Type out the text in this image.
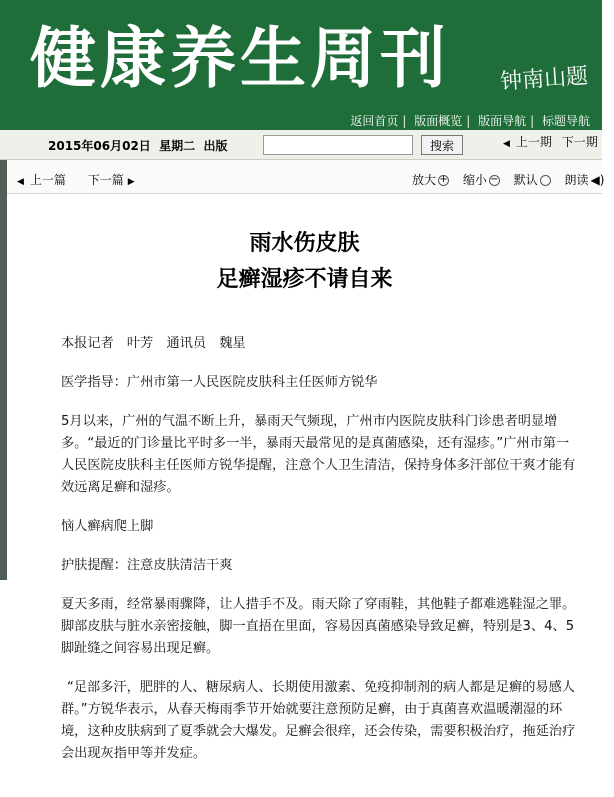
健康养生周刊 钟南山题
返回首页 | 版面概览 | 版面导航 | 标题导航
2015年06月02日 星期二 出版	搜索	◀ 上一期 下一期
◀ 上一篇 下一篇 ▶	放大 + 缩小 − 默认 朗读 ◀)
雨水伤皮肤
足癣湿疹不请自来

本报记者　叶芳　通讯员　魏星

医学指导：广州市第一人民医院皮肤科主任医师方锐华

5月以来，广州的气温不断上升，暴雨天气频现，广州市内医院皮肤科门诊患者明显增多。“最近的门诊量比平时多一半，暴雨天最常见的是真菌感染，还有湿疹。”广州市第一人民医院皮肤科主任医师方锐华提醒，注意个人卫生清洁，保持身体多汗部位干爽才能有效远离足癣和湿疹。

恼人癣病爬上脚

护肤提醒：注意皮肤清洁干爽

夏天多雨，经常暴雨骤降，让人措手不及。雨天除了穿雨鞋，其他鞋子都难逃鞋湿之罪。脚部皮肤与脏水亲密接触，脚一直捂在里面，容易因真菌感染导致足癣，特别是3、4、5脚趾缝之间容易出现足癣。

“足部多汗，肥胖的人、糖尿病人、长期使用激素、免疫抑制剂的病人都是足癣的易感人群。”方锐华表示，从春天梅雨季节开始就要注意预防足癣，由于真菌喜欢温暖潮湿的环境，这种皮肤病到了夏季就会大爆发。足癣会很痒，还会传染，需要积极治疗，拖延治疗会出现灰指甲等并发症。
